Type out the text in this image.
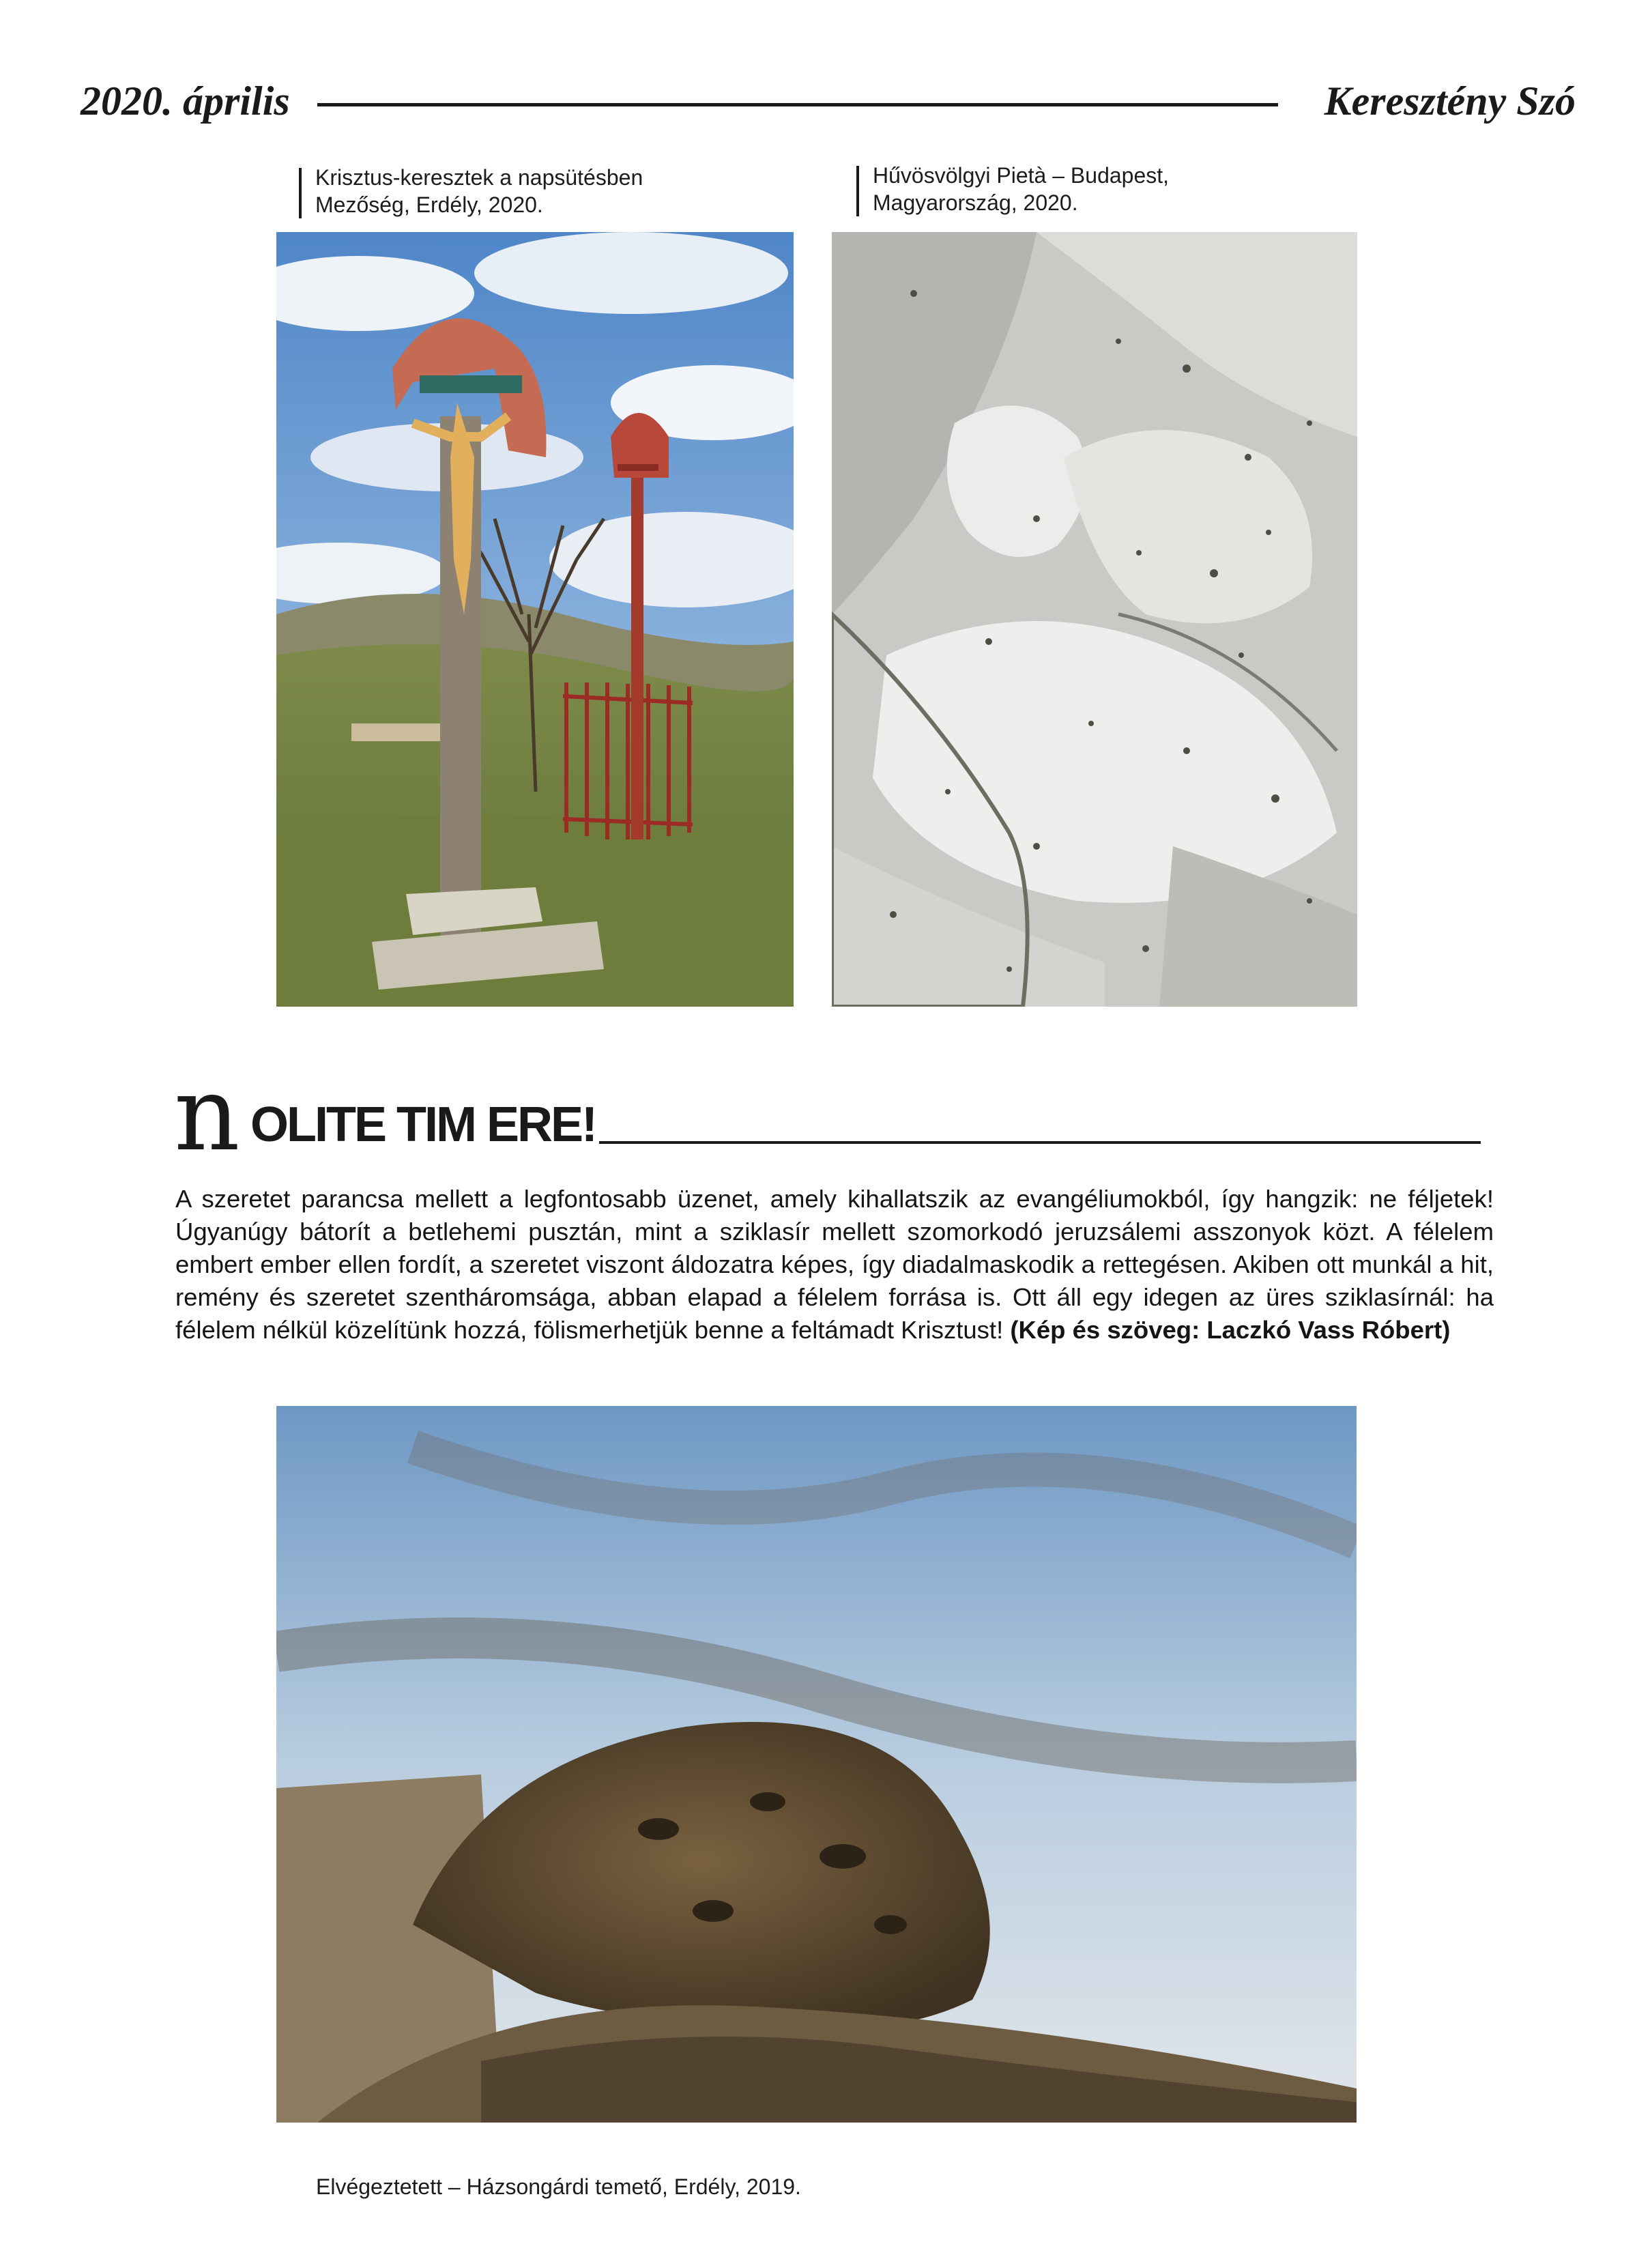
2020. április	Keresztény Szó
Krisztus-keresztek a napsütésben
Mezőség, Erdély, 2020.
Hűvösvölgyi Pietà – Budapest,
Magyarország, 2020.
n OLITE TIM ERE!
A szeretet parancsa mellett a legfontosabb üzenet, amely kihallatszik az evangéliumokból, így hangzik: ne féljetek! Úgyanúgy bátorít a betlehemi pusztán, mint a sziklasír mellett szomorkodó jeruzsálemi asszonyok közt. A félelem embert ember ellen fordít, a szeretet viszont áldozatra képes, így diadalmaskodik a rettegésen. Akiben ott munkál a hit, remény és szeretet szentháromsága, abban elapad a félelem forrása is. Ott áll egy idegen az üres sziklasírnál: ha félelem nélkül közelítünk hozzá, fölismerhetjük benne a feltámadt Krisztust! (Kép és szöveg: Laczkó Vass Róbert)
Elvégeztetett – Házsongárdi temető, Erdély, 2019.
